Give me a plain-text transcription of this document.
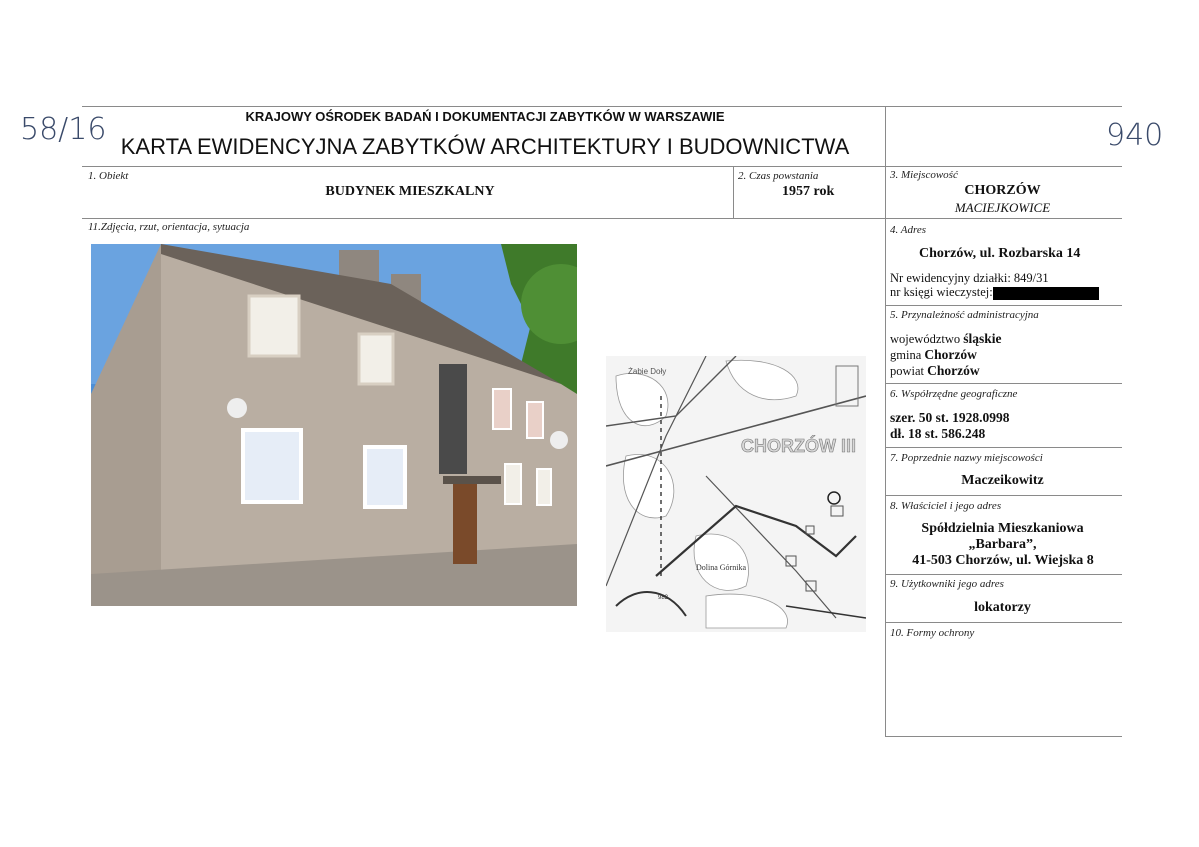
58/16	940
KRAJOWY OŚRODEK BADAŃ I DOKUMENTACJI ZABYTKÓW W WARSZAWIE
KARTA EWIDENCYJNA ZABYTKÓW ARCHITEKTURY I BUDOWNICTWA
1. Obiekt
BUDYNEK MIESZKALNY
2. Czas powstania
1957 rok
3. Miejscowość
CHORZÓW
MACIEJKOWICE
11.Zdjęcia, rzut, orientacja, sytuacja	4. Adres
Chorzów, ul. Rozbarska 14
Nr ewidencyjny działki: 849/31
nr księgi wieczystej:
5. Przynależność administracyjna
województwo śląskie
gmina Chorzów
powiat Chorzów
6. Współrzędne geograficzne
szer. 50 st. 1928.0998
dł. 18 st. 586.248
7. Poprzednie nazwy miejscowości
Maczeikowitz
8. Właściciel i jego adres
Spółdzielnia Mieszkaniowa
„Barbara”,
41-503 Chorzów, ul. Wiejska 8
9. Użytkowniki jego adres
lokatorzy
10. Formy ochrony
CHORZÓW III
Żabie Doły
Dolina Górnika
982
